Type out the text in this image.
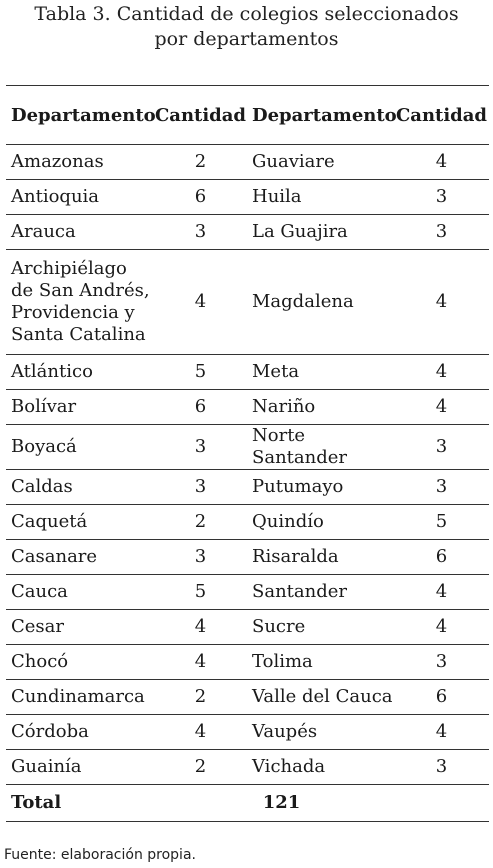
Tabla 3. Cantidad de colegios seleccionados
por departamentos
Departamento	Cantidad	Departamento	Cantidad
Amazonas	2	Guaviare	4
Antioquia	6	Huila	3
Arauca	3	La Guajira	3
Archipiélago de San Andrés, Providencia y Santa Catalina	4	Magdalena	4
Atlántico	5	Meta	4
Bolívar	6	Nariño	4
Boyacá	3	Norte Santander	3
Caldas	3	Putumayo	3
Caquetá	2	Quindío	5
Casanare	3	Risaralda	6
Cauca	5	Santander	4
Cesar	4	Sucre	4
Chocó	4	Tolima	3
Cundinamarca	2	Valle del Cauca	6
Córdoba	4	Vaupés	4
Guainía	2	Vichada	3
Total	121		
Fuente: elaboración propia.
